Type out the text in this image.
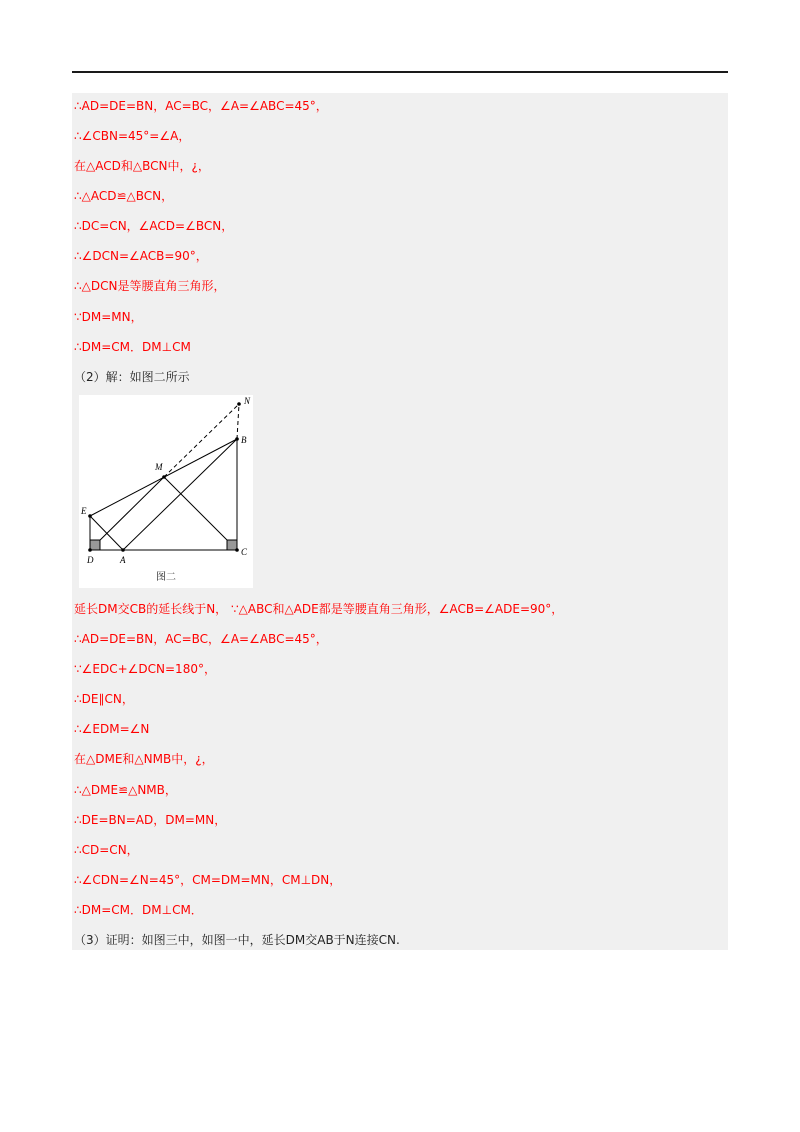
∴AD=DE=BN，AC=BC，∠A=∠ABC=45°，
∴∠CBN=45°=∠A，
在△ACD和△BCN中，¿，
∴△ACD≌△BCN，
∴DC=CN，∠ACD=∠BCN，
∴∠DCN=∠ACB=90°，
∴△DCN是等腰直角三角形，
∵DM=MN，
∴DM=CM．DM⊥CM
（2）解：如图二所示
N
B
M
E
D	A
C
图二
延长DM交CB的延长线于N， ∵△ABC和△ADE都是等腰直角三角形，∠ACB=∠ADE=90°，
∴AD=DE=BN，AC=BC，∠A=∠ABC=45°，
∵∠EDC+∠DCN=180°，
∴DE∥CN，
∴∠EDM=∠N
在△DME和△NMB中，¿，
∴△DME≌△NMB，
∴DE=BN=AD，DM=MN，
∴CD=CN，
∴∠CDN=∠N=45°，CM=DM=MN，CM⊥DN，
∴DM=CM．DM⊥CM．
（3）证明：如图三中，如图一中，延长DM交AB于N连接CN.
